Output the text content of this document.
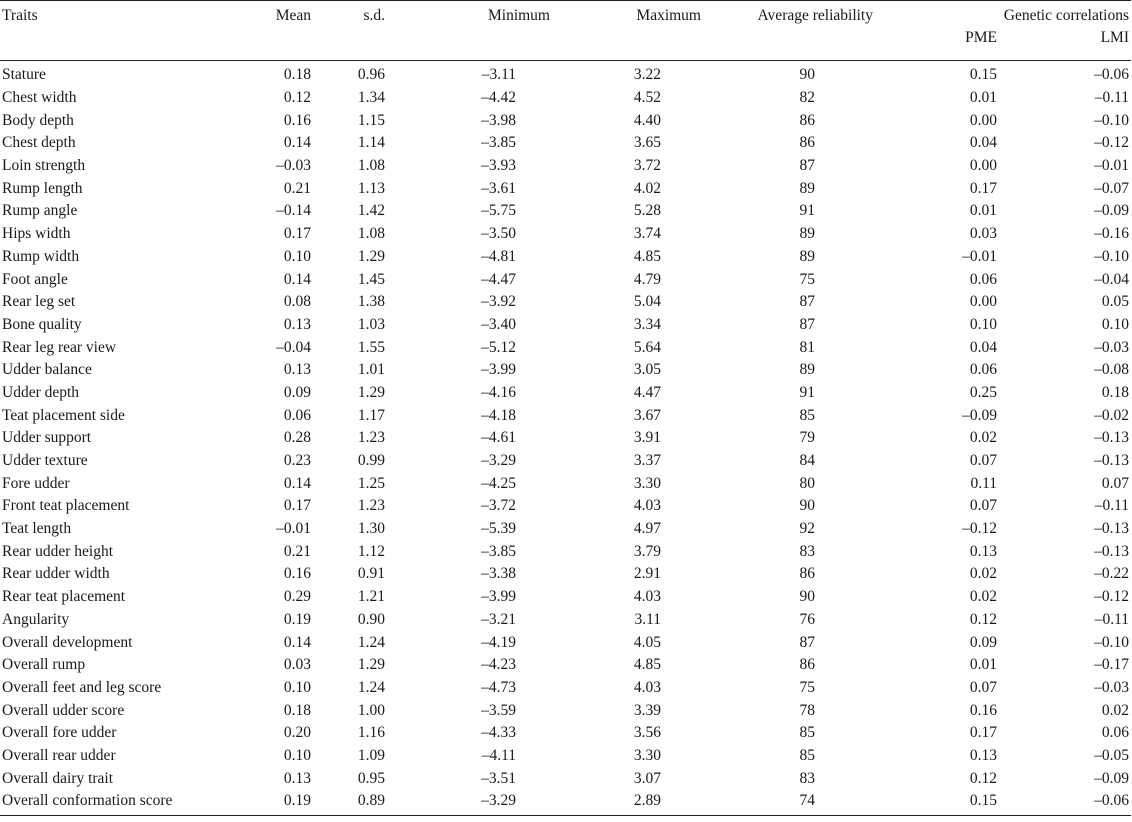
Traits	Mean	s.d.	Minimum	Maximum	Average reliability	Genetic correlations	
						PME	LMI
Stature	0.18	0.96	–3.11	3.22	90	0.15	–0.06
Chest width	0.12	1.34	–4.42	4.52	82	0.01	–0.11
Body depth	0.16	1.15	–3.98	4.40	86	0.00	–0.10
Chest depth	0.14	1.14	–3.85	3.65	86	0.04	–0.12
Loin strength	–0.03	1.08	–3.93	3.72	87	0.00	–0.01
Rump length	0.21	1.13	–3.61	4.02	89	0.17	–0.07
Rump angle	–0.14	1.42	–5.75	5.28	91	0.01	–0.09
Hips width	0.17	1.08	–3.50	3.74	89	0.03	–0.16
Rump width	0.10	1.29	–4.81	4.85	89	–0.01	–0.10
Foot angle	0.14	1.45	–4.47	4.79	75	0.06	–0.04
Rear leg set	0.08	1.38	–3.92	5.04	87	0.00	0.05
Bone quality	0.13	1.03	–3.40	3.34	87	0.10	0.10
Rear leg rear view	–0.04	1.55	–5.12	5.64	81	0.04	–0.03
Udder balance	0.13	1.01	–3.99	3.05	89	0.06	–0.08
Udder depth	0.09	1.29	–4.16	4.47	91	0.25	0.18
Teat placement side	0.06	1.17	–4.18	3.67	85	–0.09	–0.02
Udder support	0.28	1.23	–4.61	3.91	79	0.02	–0.13
Udder texture	0.23	0.99	–3.29	3.37	84	0.07	–0.13
Fore udder	0.14	1.25	–4.25	3.30	80	0.11	0.07
Front teat placement	0.17	1.23	–3.72	4.03	90	0.07	–0.11
Teat length	–0.01	1.30	–5.39	4.97	92	–0.12	–0.13
Rear udder height	0.21	1.12	–3.85	3.79	83	0.13	–0.13
Rear udder width	0.16	0.91	–3.38	2.91	86	0.02	–0.22
Rear teat placement	0.29	1.21	–3.99	4.03	90	0.02	–0.12
Angularity	0.19	0.90	–3.21	3.11	76	0.12	–0.11
Overall development	0.14	1.24	–4.19	4.05	87	0.09	–0.10
Overall rump	0.03	1.29	–4.23	4.85	86	0.01	–0.17
Overall feet and leg score	0.10	1.24	–4.73	4.03	75	0.07	–0.03
Overall udder score	0.18	1.00	–3.59	3.39	78	0.16	0.02
Overall fore udder	0.20	1.16	–4.33	3.56	85	0.17	0.06
Overall rear udder	0.10	1.09	–4.11	3.30	85	0.13	–0.05
Overall dairy trait	0.13	0.95	–3.51	3.07	83	0.12	–0.09
Overall conformation score	0.19	0.89	–3.29	2.89	74	0.15	–0.06
